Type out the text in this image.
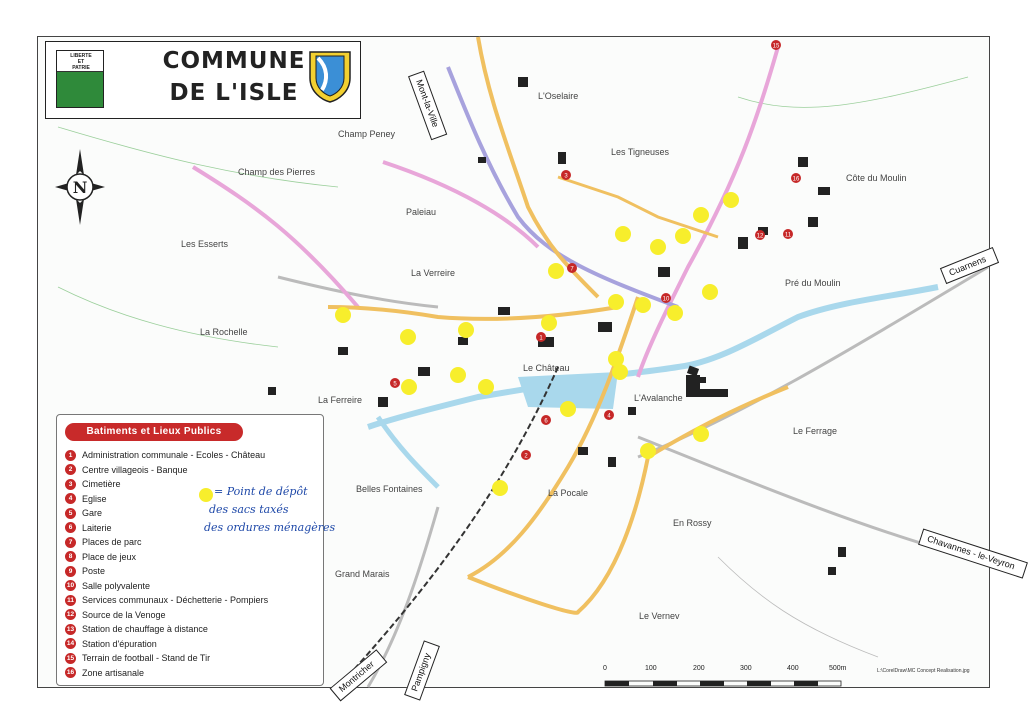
3
7
1
5
6
2
4
10
12	11
16
15
LIBERTE
ET
PATRIE	COMMUNE
DE L'ISLE
N
L'Oselaire
Les Tigneuses
Champ Peney
Champ des Pierres
Paleiau
Les Esserts
La Verreire
La Rochelle
Le Château
La Ferreire	L'Avalanche
Belles Fontaines	La Pocale
Grand Marais
En Rossy
Le Vernev
Le Ferrage
Pré du Moulin
Côte du Moulin
Mont-la-Ville
Cuarnens
Chavannes - le-Veyron
Montricher	Pampigny	0	100	200	300	400	500m	L:\CorelDraw\MC Concept Realisation.jpg
Batiments et Lieux Publics
1	Administration communale - Ecoles - Château
2	Centre villageois - Banque
3	Cimetière
4	Eglise
5	Gare
6	Laiterie
7	Places de parc
8	Place de jeux
9	Poste
10 Salle polyvalente
11 Services communaux - Déchetterie - Pompiers
12 Source de la Venoge
13 Station de chauffage à distance
14 Station d'épuration
15 Terrain de football - Stand de Tir
16 Zone artisanale
= Point de dépôt
des sacs taxés
des ordures ménagères
